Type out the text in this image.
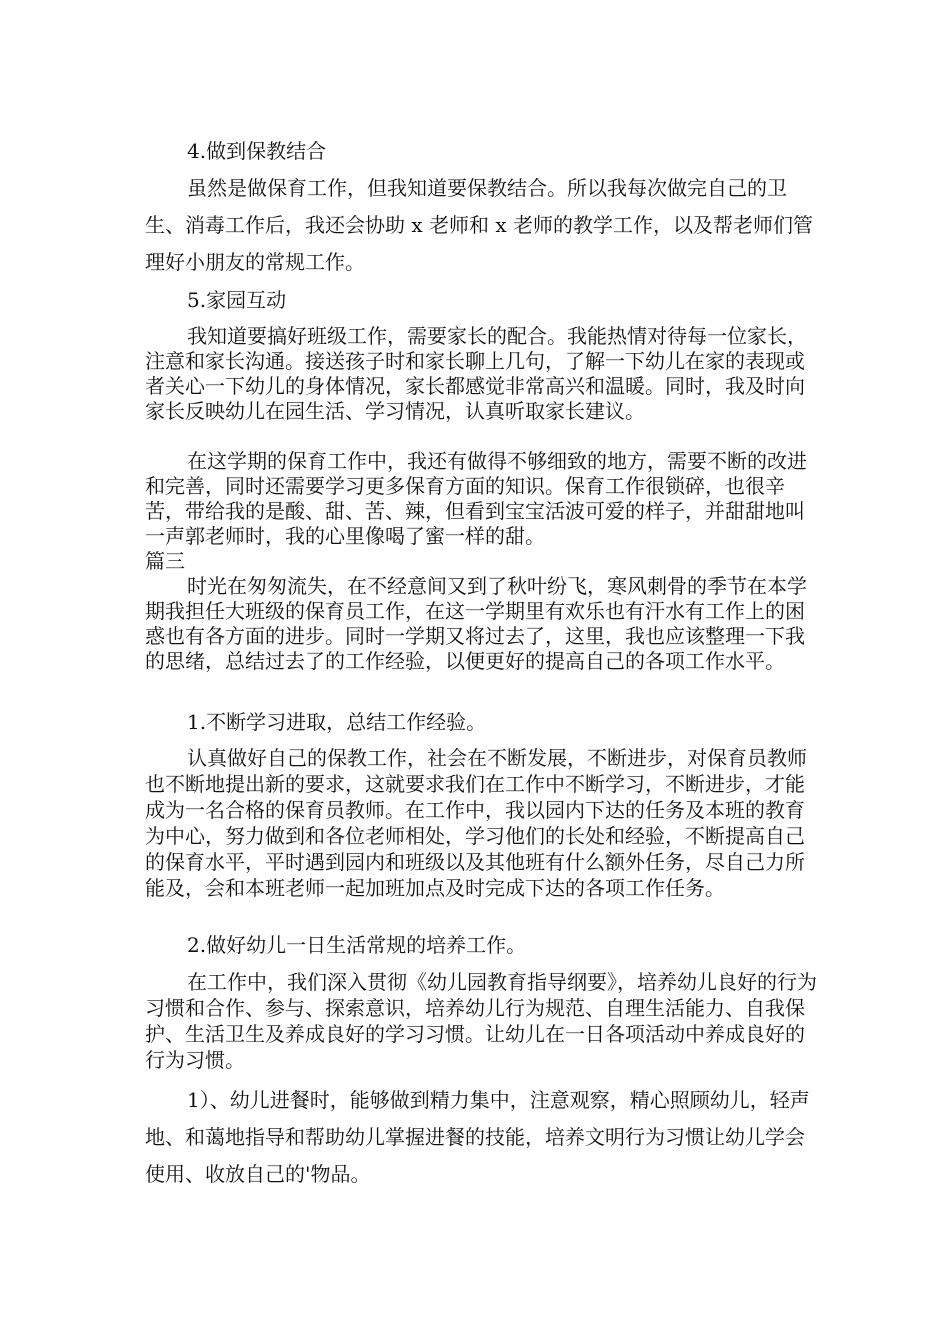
4.做到保教结合

虽然是做保育工作，但我知道要保教结合。所以我每次做完自己的卫生、消毒工作后，我还会协助 x 老师和 x 老师的教学工作，以及帮老师们管理好小朋友的常规工作。

5.家园互动

我知道要搞好班级工作，需要家长的配合。我能热情对待每一位家长，注意和家长沟通。接送孩子时和家长聊上几句，了解一下幼儿在家的表现或者关心一下幼儿的身体情况，家长都感觉非常高兴和温暖。同时，我及时向家长反映幼儿在园生活、学习情况，认真听取家长建议。

在这学期的保育工作中，我还有做得不够细致的地方，需要不断的改进和完善，同时还需要学习更多保育方面的知识。保育工作很锁碎，也很辛苦，带给我的是酸、甜、苦、辣，但看到宝宝活波可爱的样子，并甜甜地叫一声郭老师时，我的心里像喝了蜜一样的甜。

篇三

时光在匆匆流失，在不经意间又到了秋叶纷飞，寒风刺骨的季节在本学期我担任大班级的保育员工作，在这一学期里有欢乐也有汗水有工作上的困惑也有各方面的进步。同时一学期又将过去了，这里，我也应该整理一下我的思绪，总结过去了的工作经验，以便更好的提高自己的各项工作水平。

1.不断学习进取，总结工作经验。

认真做好自己的保教工作，社会在不断发展，不断进步，对保育员教师也不断地提出新的要求，这就要求我们在工作中不断学习，不断进步，才能成为一名合格的保育员教师。在工作中，我以园内下达的任务及本班的教育为中心，努力做到和各位老师相处，学习他们的长处和经验，不断提高自己的保育水平，平时遇到园内和班级以及其他班有什么额外任务，尽自己力所能及，会和本班老师一起加班加点及时完成下达的各项工作任务。

2.做好幼儿一日生活常规的培养工作。

在工作中，我们深入贯彻《幼儿园教育指导纲要》，培养幼儿良好的行为习惯和合作、参与、探索意识，培养幼儿行为规范、自理生活能力、自我保护、生活卫生及养成良好的学习习惯。让幼儿在一日各项活动中养成良好的行为习惯。

1）、幼儿进餐时，能够做到精力集中，注意观察，精心照顾幼儿，轻声地、和蔼地指导和帮助幼儿掌握进餐的技能，培养文明行为习惯让幼儿学会使用、收放自己的'物品。
